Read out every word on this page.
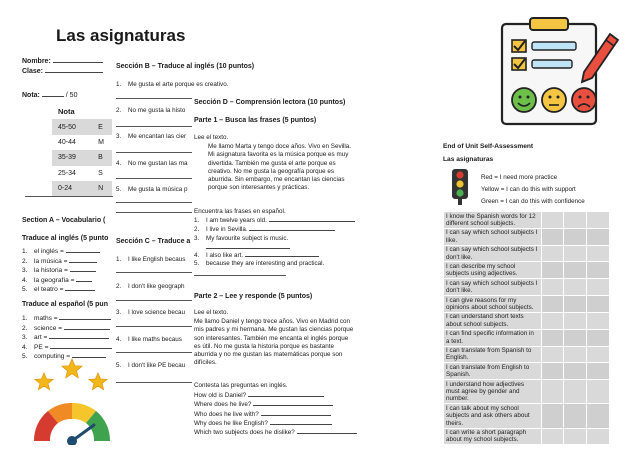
Las asignaturas
Nombre:
Clase:
Nota:	/ 50
Nota	
45-50	E
40-44	M
35-39	B
25-34	S
0-24	N
Section A – Vocabulario (
Traduce al inglés (5 punto
1. el inglés =
2. la música =
3. la historia =
4. la geografía =
5. el teatro =
Traduce al español (5 pun
1. maths =
2. science =
3. art =
4. PE =
5. computing =
Sección B – Traduce al inglés (10 puntos)
1. Me gusta el arte porque es creativo.
2. No me gusta la histo
3. Me encantan las cier
4. No me gustan las ma
5. Me gusta la música p
Sección C – Traduce a
1. I like English becaus
2. I don't like geograph
3. I love science becau
4. I like maths becaus
5. I don't like PE becau
Sección D – Comprensión lectora (10 puntos)
Parte 1 – Busca las frases (5 puntos)
Lee el texto.
Me llamo Marta y tengo doce años. Vivo en Sevilla.
Mi asignatura favorita es la música porque es muy
divertida. También me gusta el arte porque es
creativo. No me gusta la geografía porque es
aburrida. Sin embargo, me encantan las ciencias
porque son interesantes y prácticas.
Encuentra las frases en español.
1. I am twelve years old.
2. I live in Sevilla.
3. My favourite subject is music.
4. I also like art.
5. because they are interesting and practical.
Parte 2 – Lee y responde (5 puntos)
Lee el texto.
Me llamo Daniel y tengo trece años. Vivo en Madrid con
mis padres y mi hermana. Me gustan las ciencias porque
son interesantes. También me encanta el inglés porque
es útil. No me gusta la historia porque es bastante
aburrida y no me gustan las matemáticas porque son
difíciles.
Contesta las preguntas en inglés.
How old is Daniel?
Where does he live?
Who does he live with?
Why does he like English?
Which two subjects does he dislike?
End of Unit Self-Assessment
Las asignaturas
Red = I need more practice
Yellow = I can do this with support
Green = I can do this with confidence
I know the Spanish words for 12 different school subjects.			
I can say which school subjects I like.			
I can say which school subjects I don't like.			
I can describe my school subjects using adjectives.			
I can say which school subjects I don't like.			
I can give reasons for my opinions about school subjects.			
I can understand short texts about school subjects.			
I can find specific information in a text.			
I can translate from Spanish to English.			
I can translate from English to Spanish.			
I understand how adjectives must agree by gender and number.			
I can talk about my school subjects and ask others about theirs.			
I can write a short paragraph about my school subjects.			
